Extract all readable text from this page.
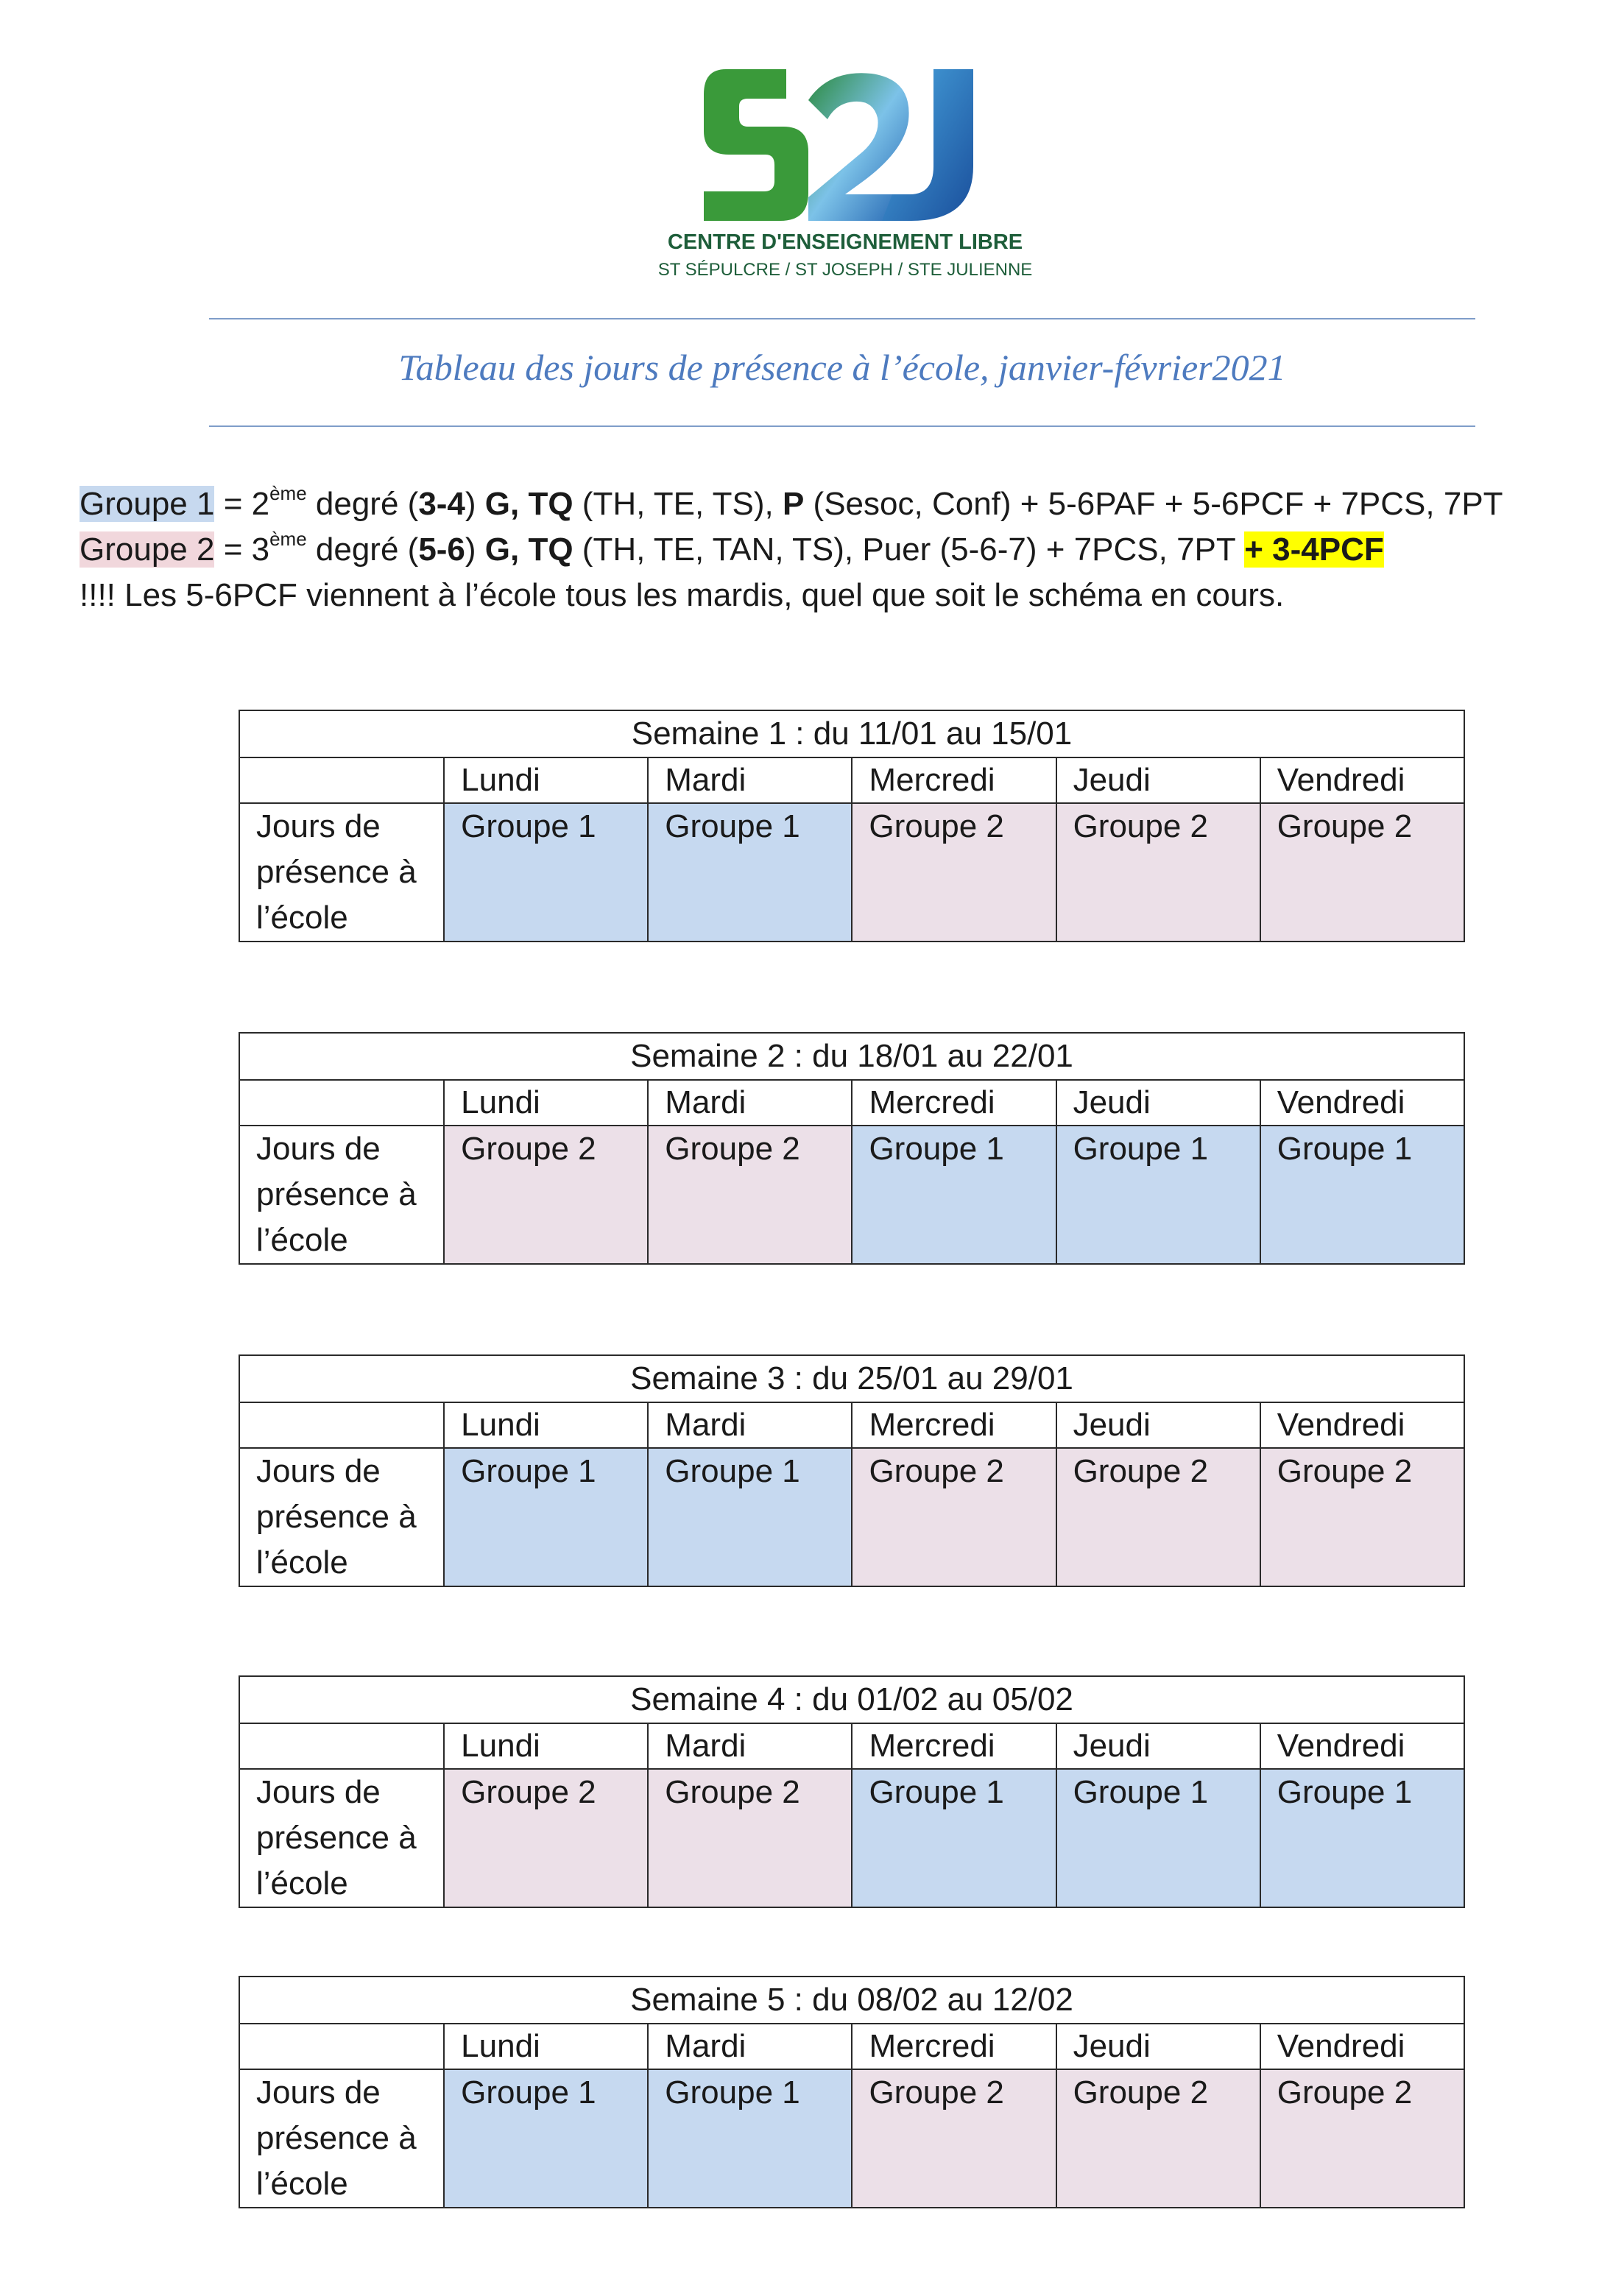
CENTRE D'ENSEIGNEMENT LIBRE
ST SÉPULCRE / ST JOSEPH / STE JULIENNE
Tableau des jours de présence à l’école, janvier-février2021
Groupe 1 = 2ème degré (3-4) G, TQ (TH, TE, TS), P (Sesoc, Conf) + 5-6PAF + 5-6PCF + 7PCS, 7PT
Groupe 2 = 3ème degré (5-6) G, TQ (TH, TE, TAN, TS), Puer (5-6-7) + 7PCS, 7PT + 3-4PCF
!!!! Les 5-6PCF viennent à l’école tous les mardis, quel que soit le schéma en cours.
Semaine 1 : du 11/01 au 15/01					
	Lundi	Mardi	Mercredi	Jeudi	Vendredi

Jours de
présence à
l’école	Groupe 1	Groupe 1	Groupe 2	Groupe 2	Groupe 2
Semaine 2 : du 18/01 au 22/01					
	Lundi	Mardi	Mercredi	Jeudi	Vendredi

Jours de
présence à
l’école	Groupe 2	Groupe 2	Groupe 1	Groupe 1	Groupe 1
Semaine 3 : du 25/01 au 29/01					
	Lundi	Mardi	Mercredi	Jeudi	Vendredi

Jours de
présence à
l’école	Groupe 1	Groupe 1	Groupe 2	Groupe 2	Groupe 2
Semaine 4 : du 01/02 au 05/02					
	Lundi	Mardi	Mercredi	Jeudi	Vendredi

Jours de
présence à
l’école	Groupe 2	Groupe 2	Groupe 1	Groupe 1	Groupe 1
Semaine 5 : du 08/02 au 12/02					
	Lundi	Mardi	Mercredi	Jeudi	Vendredi

Jours de
présence à
l’école	Groupe 1	Groupe 1	Groupe 2	Groupe 2	Groupe 2
